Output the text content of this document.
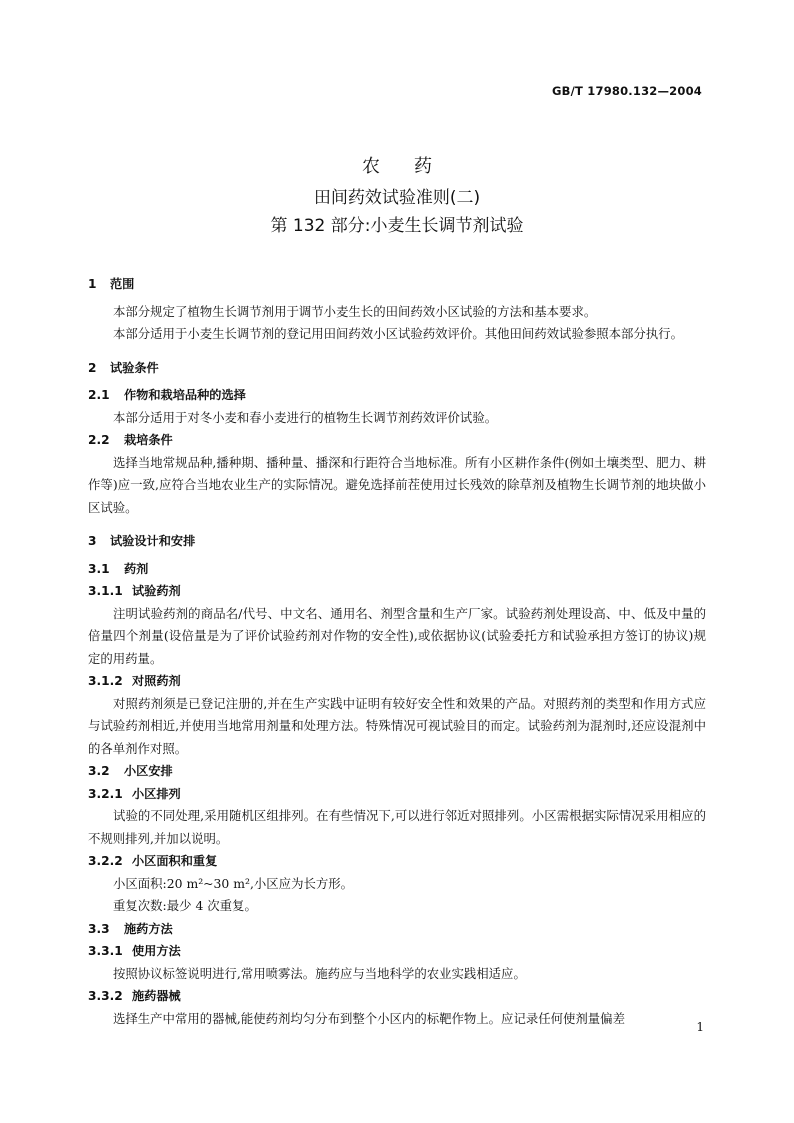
GB/T 17980.132—2004
农药
田间药效试验准则(二)
第 132 部分:小麦生长调节剂试验
1 范围

本部分规定了植物生长调节剂用于调节小麦生长的田间药效小区试验的方法和基本要求。

本部分适用于小麦生长调节剂的登记用田间药效小区试验药效评价。其他田间药效试验参照本部分执行。

2 试验条件
2.1 作物和栽培品种的选择

本部分适用于对冬小麦和春小麦进行的植物生长调节剂药效评价试验。

2.2 栽培条件

选择当地常规品种,播种期、播种量、播深和行距符合当地标准。所有小区耕作条件(例如土壤类型、肥力、耕作等)应一致,应符合当地农业生产的实际情况。避免选择前茬使用过长残效的除草剂及植物生长调节剂的地块做小区试验。

3 试验设计和安排
3.1 药剂
3.1.1 试验药剂

注明试验药剂的商品名/代号、中文名、通用名、剂型含量和生产厂家。试验药剂处理设高、中、低及中量的倍量四个剂量(设倍量是为了评价试验药剂对作物的安全性),或依据协议(试验委托方和试验承担方签订的协议)规定的用药量。

3.1.2 对照药剂

对照药剂须是已登记注册的,并在生产实践中证明有较好安全性和效果的产品。对照药剂的类型和作用方式应与试验药剂相近,并使用当地常用剂量和处理方法。特殊情况可视试验目的而定。试验药剂为混剂时,还应设混剂中的各单剂作对照。

3.2 小区安排
3.2.1 小区排列

试验的不同处理,采用随机区组排列。在有些情况下,可以进行邻近对照排列。小区需根据实际情况采用相应的不规则排列,并加以说明。

3.2.2 小区面积和重复

小区面积:20 m²~30 m²,小区应为长方形。

重复次数:最少 4 次重复。

3.3 施药方法
3.3.1 使用方法

按照协议标签说明进行,常用喷雾法。施药应与当地科学的农业实践相适应。

3.3.2 施药器械

选择生产中常用的器械,能使药剂均匀分布到整个小区内的标靶作物上。应记录任何使剂量偏差

1
